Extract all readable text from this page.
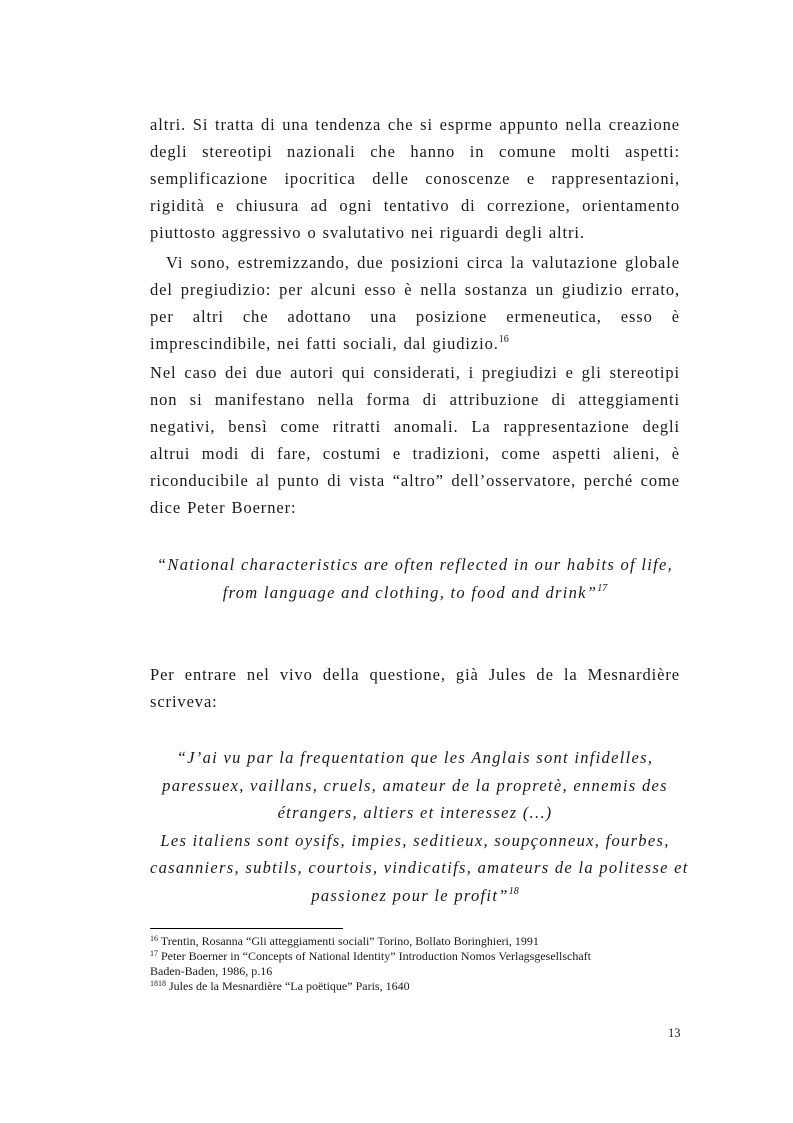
altri. Si tratta di una tendenza che si esprme appunto nella creazione
degli stereotipi nazionali che hanno in comune molti aspetti:
semplificazione ipocritica delle conoscenze e rappresentazioni,
rigidità e chiusura ad ogni tentativo di correzione, orientamento
piuttosto aggressivo o svalutativo nei riguardi degli altri.
Vi sono, estremizzando, due posizioni circa la valutazione globale
del pregiudizio: per alcuni esso è nella sostanza un giudizio errato,
per altri che adottano una posizione ermeneutica, esso è
imprescindibile, nei fatti sociali, dal giudizio.$^{16}$
Nel caso dei due autori qui considerati, i pregiudizi e gli stereotipi
non si manifestano nella forma di attribuzione di atteggiamenti
negativi, bensì come ritratti anomali. La rappresentazione degli
altrui modi di fare, costumi e tradizioni, come aspetti alieni, è
riconducibile al punto di vista “altro” dell’osservatore, perché come
dice Peter Boerner:
“National characteristics are often reflected in our habits of life,
from language and clothing, to food and drink”$^{17}$
Per entrare nel vivo della questione, già Jules de la Mesnardière
scriveva:
“J’ai vu par la frequentation que les Anglais sont infidelles,
paressuex, vaillans, cruels, amateur de la propretè, ennemis des
étrangers, altiers et interessez (…)
Les italiens sont oysifs, impies, seditieux, soupçonneux, fourbes,
casanniers, subtils, courtois, vindicatifs, amateurs de la politesse et
passionez pour le profit”$^{18}$
$^{16}$ Trentin, Rosanna “Gli atteggiamenti sociali” Torino, Bollato Boringhieri, 1991
$^{17}$ Peter Boerner in “Concepts of National Identity” Introduction Nomos Verlagsgesellschaft
Baden-Baden, 1986, p.16
$^{1818}$ Jules de la Mesnardière “La poëtique” Paris, 1640
13
